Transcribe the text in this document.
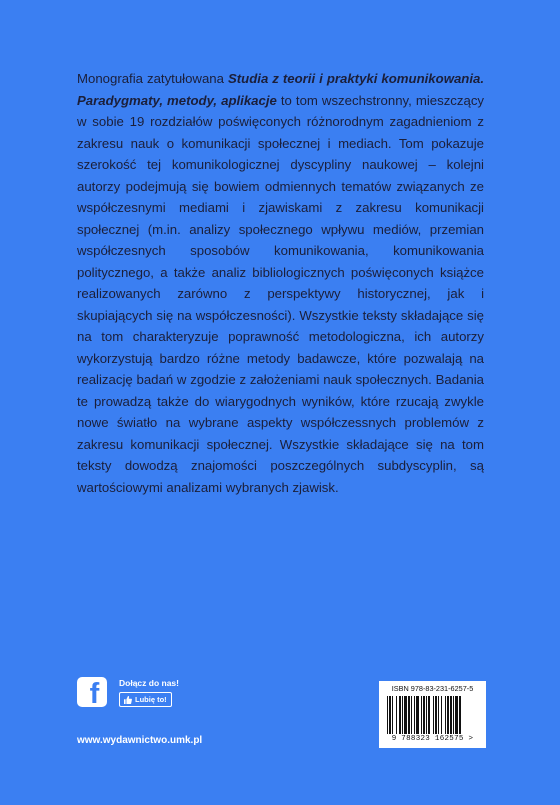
Monografia zatytułowana Studia z teorii i praktyki komunikowania. Paradygmaty, metody, aplikacje to tom wszechstronny, mieszczący w sobie 19 rozdziałów poświęconych różnorodnym zagadnieniom z zakresu nauk o komunikacji społecznej i mediach. Tom pokazuje szerokość tej komunikologicznej dyscypliny naukowej – kolejni autorzy podejmują się bowiem odmiennych tematów związanych ze współczesnymi mediami i zjawiskami z zakresu komunikacji społecznej (m.in. analizy społecznego wpływu mediów, przemian współczesnych sposobów komunikowania, komunikowania politycznego, a także analiz bibliologicznych poświęconych książce realizowanych zarówno z perspektywy historycznej, jak i skupiających się na współczesności). Wszystkie teksty składające się na tom charakteryzuje poprawność metodologiczna, ich autorzy wykorzystują bardzo różne metody badawcze, które pozwalają na realizację badań w zgodzie z założeniami nauk społecznych. Badania te prowadzą także do wiarygodnych wyników, które rzucają zwykle nowe światło na wybrane aspekty współczessnych problemów z zakresu komunikacji społecznej. Wszystkie składające się na tom teksty dowodzą znajomości poszczególnych subdyscyplin, są wartościowymi analizami wybranych zjawisk.

f Dołącz do nas!
Lubię to!
www.wydawnictwo.umk.pl
ISBN 978-83-231-6257-5
9 788323 162575 >
